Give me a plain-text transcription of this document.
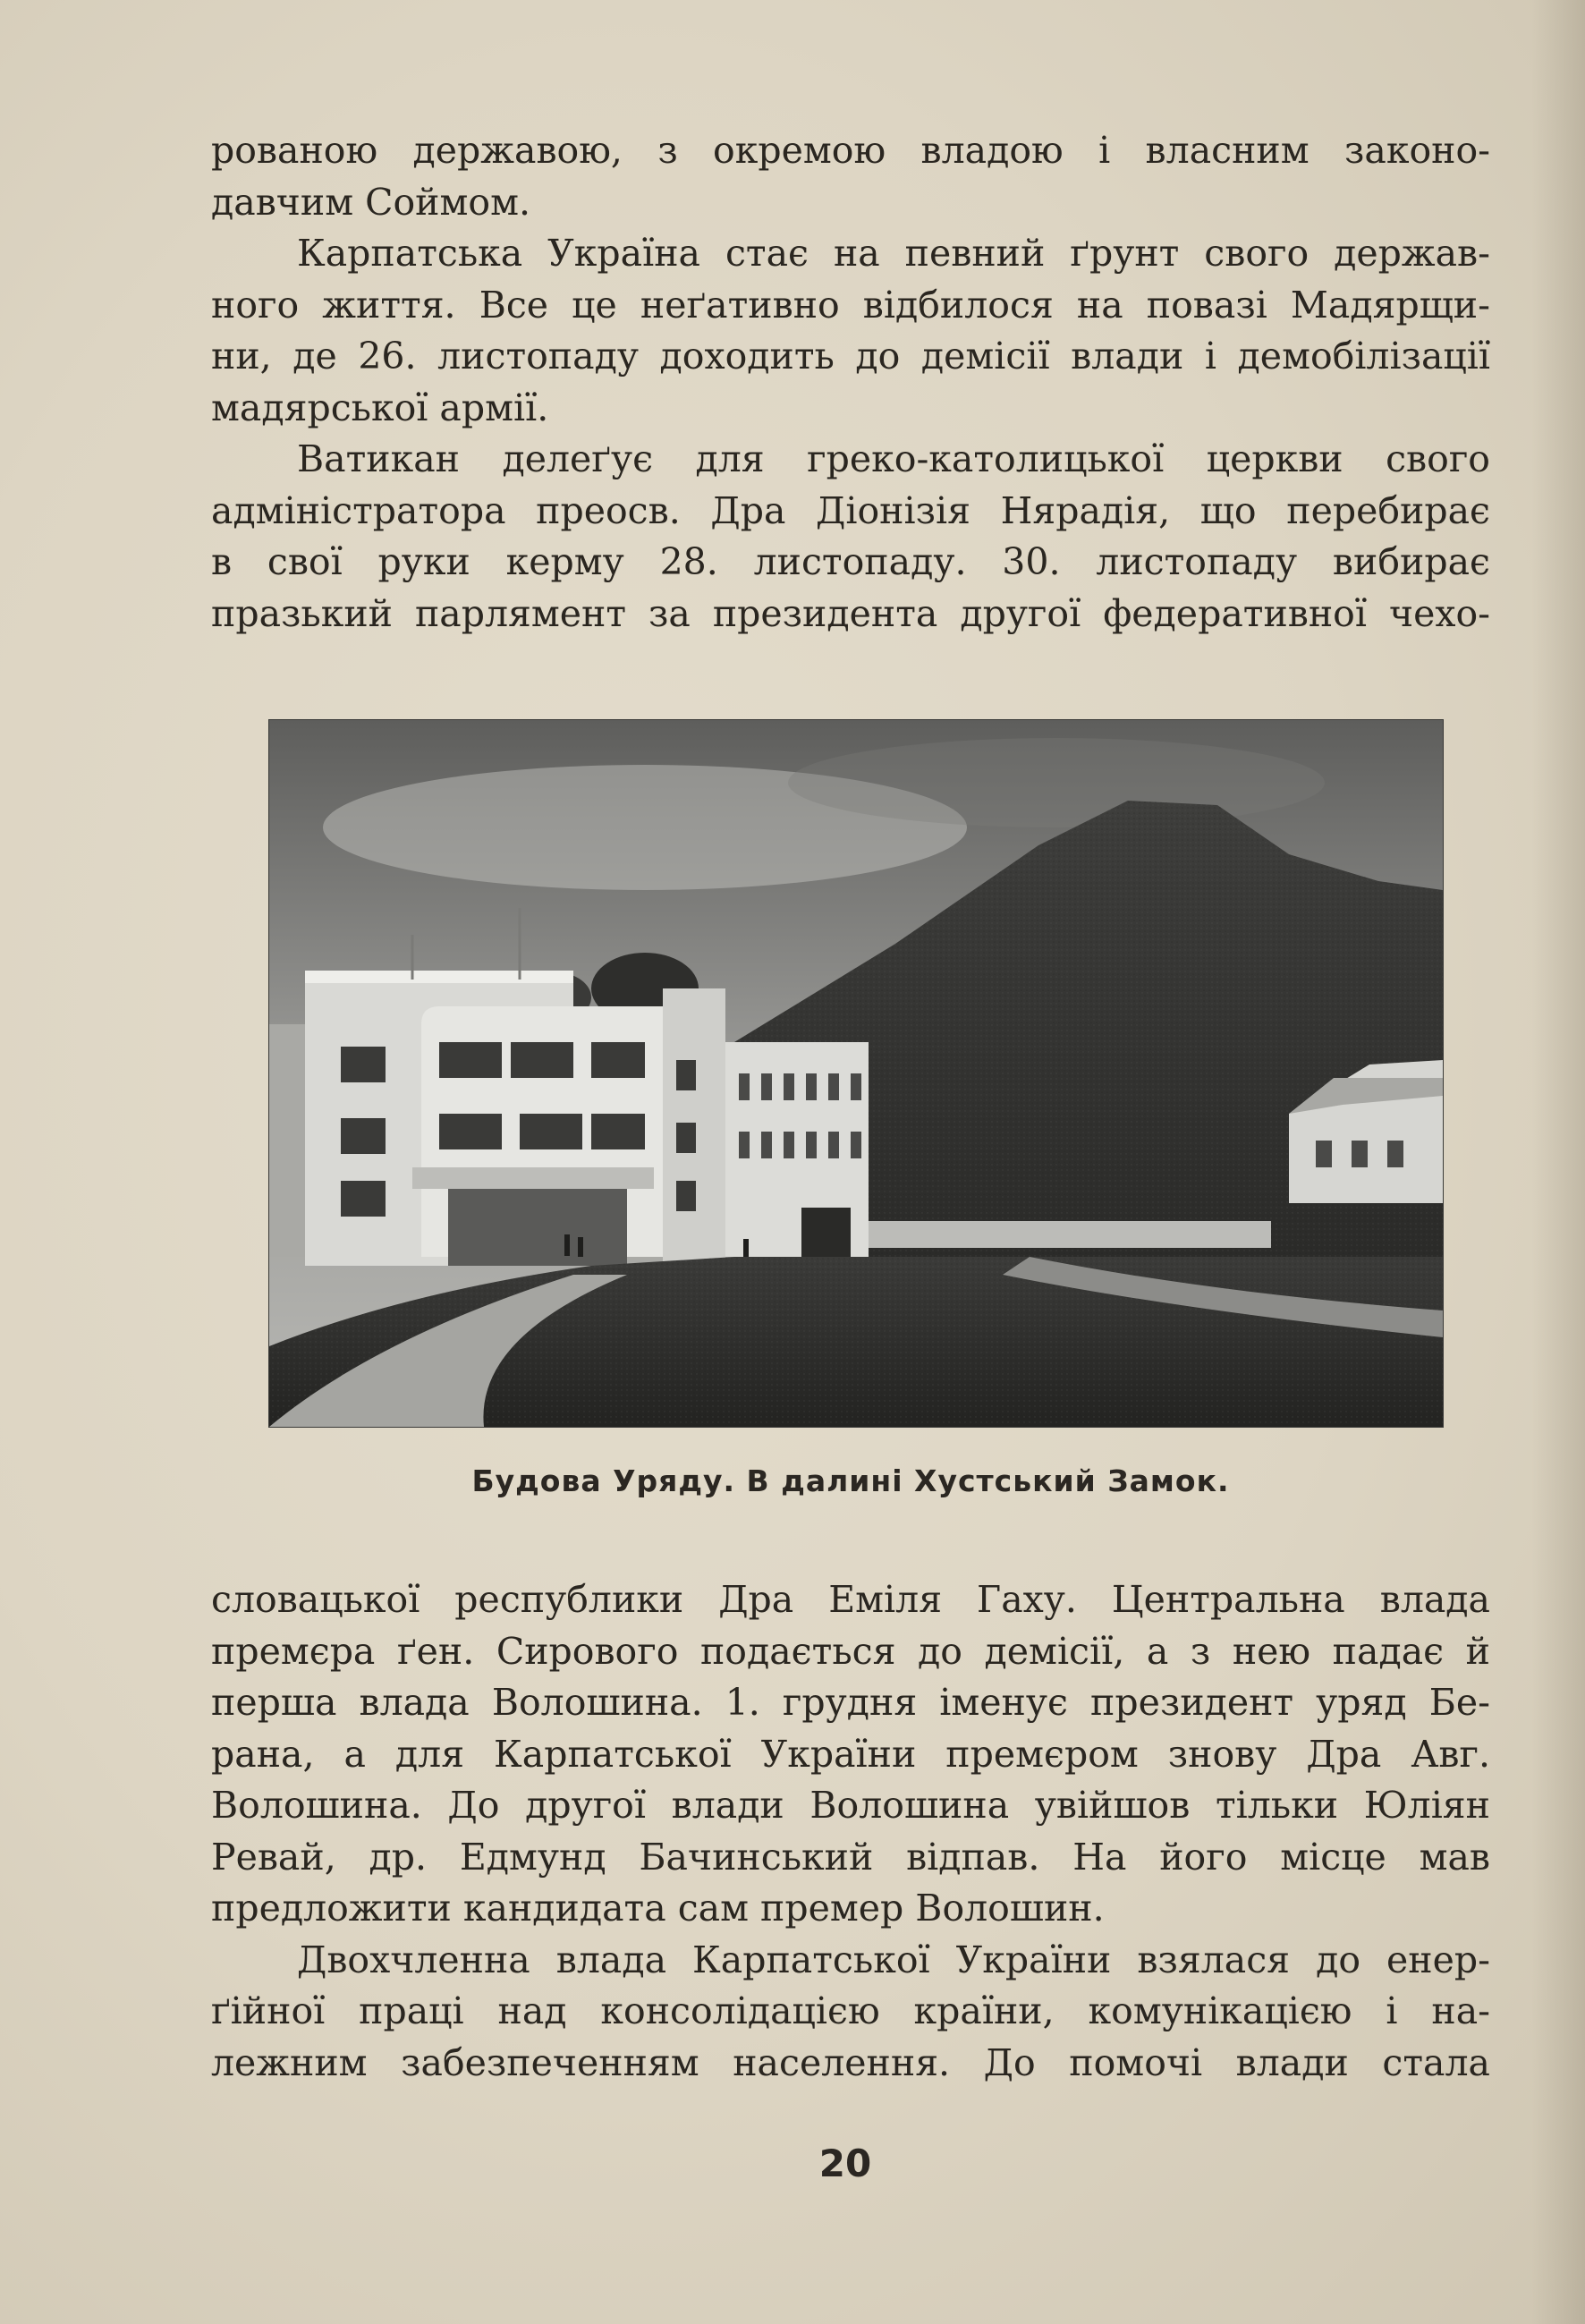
рованою державою, з окремою владою і власним законо-
давчим Соймом.

Карпатська Україна стає на певний ґрунт свого держав-
ного життя. Все це неґативно відбилося на повазі Мадярщи-
ни, де 26. листопаду доходить до демісії влади і демобілізації
мадярської армії.

Ватикан делеґує для греко-католицької церкви свого
адміністратора преосв. Дра Діонізія Нярадія, що перебирає
в свої руки керму 28. листопаду. 30. листопаду вибирає
празький парлямент за президента другої федеративної чехо-

Будова Уряду. В далині Хустський Замок.

словацької республики Дра Еміля Гаху. Центральна влада
премєра ґен. Сирового подається до демісії, а з нею падає й
перша влада Волошина. 1. грудня іменує президент уряд Бе-
рана, а для Карпатської України премєром знову Дра Авг.
Волошина. До другої влади Волошина увійшов тільки Юліян
Ревай, др. Едмунд Бачинський відпав. На його місце мав
предложити кандидата сам премер Волошин.

Двохчленна влада Карпатської України взялася до енер-
ґійної праці над консолідацією країни, комунікацією і на-
лежним забезпеченням населення. До помочі влади стала

20
